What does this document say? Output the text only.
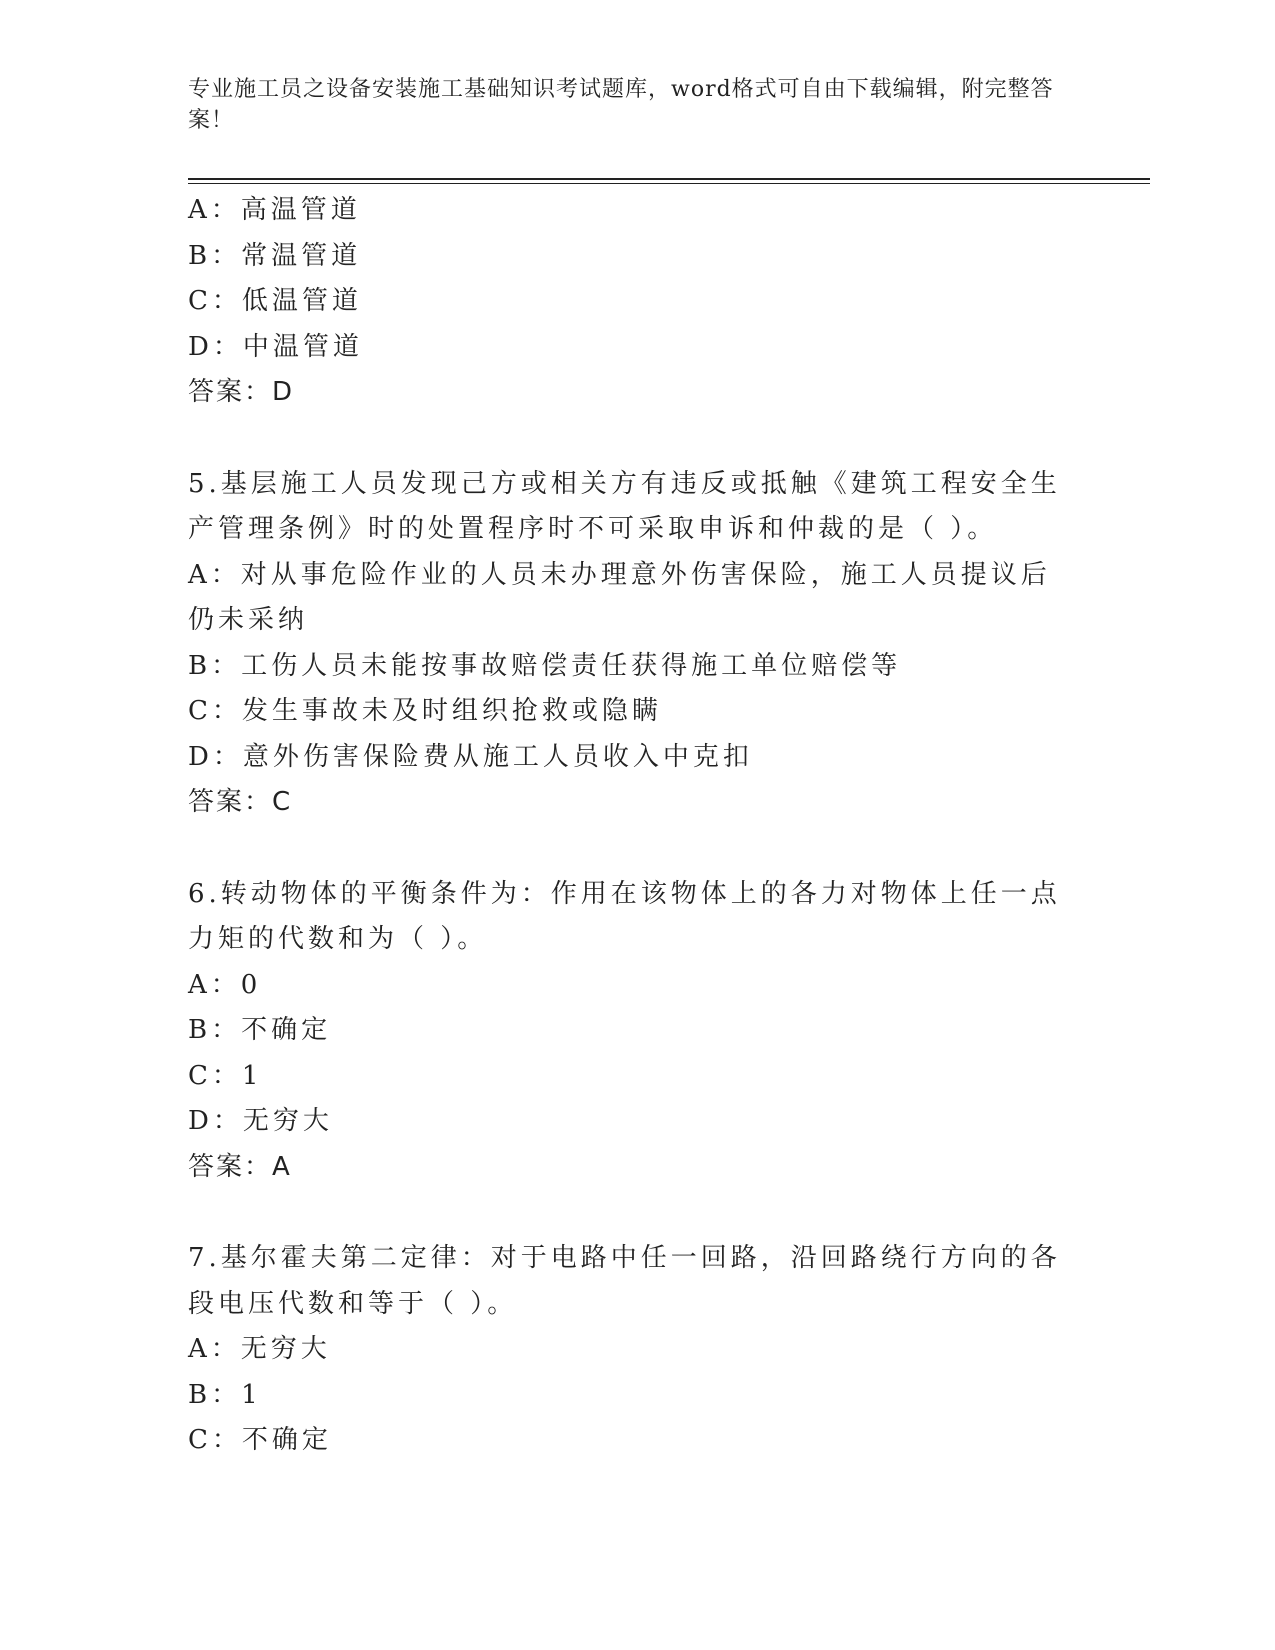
专业施工员之设备安装施工基础知识考试题库，word格式可自由下载编辑，附完整答案！
A：高温管道
B：常温管道
C：低温管道
D：中温管道
答案：D
5.基层施工人员发现己方或相关方有违反或抵触《建筑工程安全生产管理条例》时的处置程序时不可采取申诉和仲裁的是（ ）。
A：对从事危险作业的人员未办理意外伤害保险，施工人员提议后仍未采纳
B：工伤人员未能按事故赔偿责任获得施工单位赔偿等
C：发生事故未及时组织抢救或隐瞒
D：意外伤害保险费从施工人员收入中克扣
答案：C
6.转动物体的平衡条件为：作用在该物体上的各力对物体上任一点力矩的代数和为（ ）。
A：0
B：不确定
C：1
D：无穷大
答案：A
7.基尔霍夫第二定律：对于电路中任一回路，沿回路绕行方向的各段电压代数和等于（ ）。
A：无穷大
B：1
C：不确定
